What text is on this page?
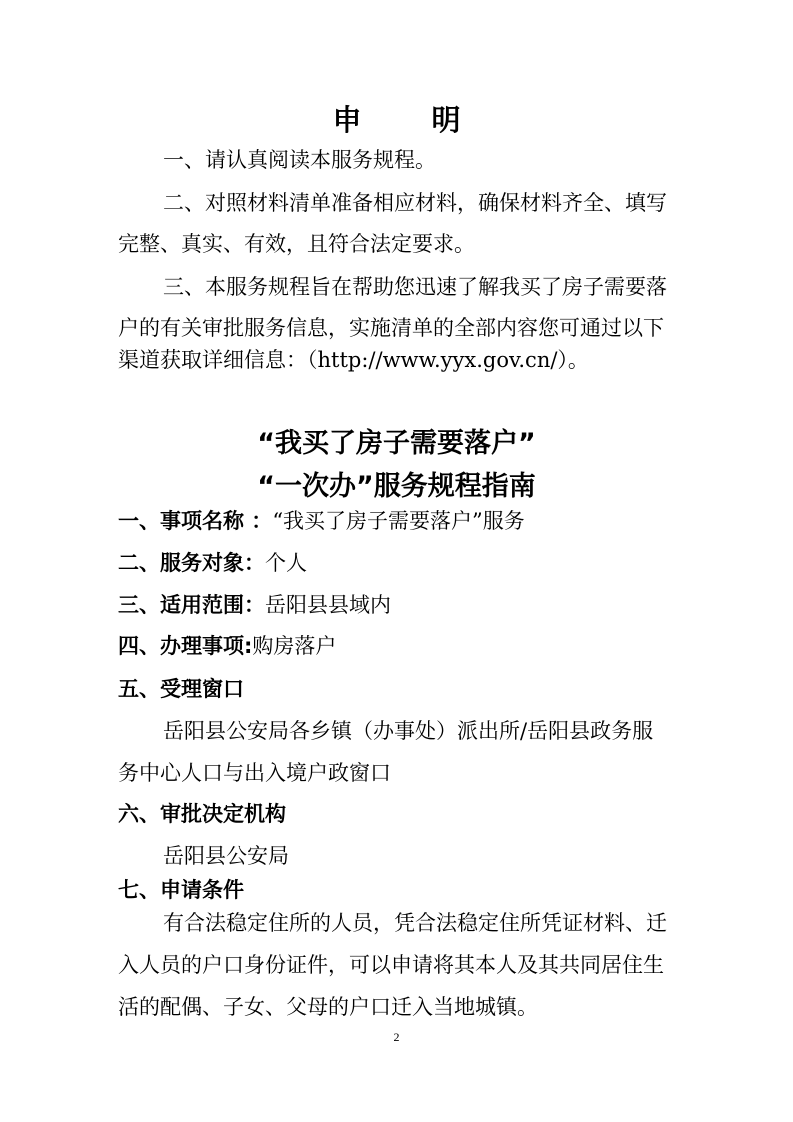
申 明
一、请认真阅读本服务规程。
二、对照材料清单准备相应材料，确保材料齐全、填写
完整、真实、有效，且符合法定要求。
三、本服务规程旨在帮助您迅速了解我买了房子需要落
户的有关审批服务信息，实施清单的全部内容您可通过以下
渠道获取详细信息：（http://www.yyx.gov.cn/）。
“我买了房子需要落户”
“一次办”服务规程指南
一、事项名称 ：“我买了房子需要落户”服务
二、服务对象：个人
三、适用范围：岳阳县县域内
四、办理事项:购房落户
五、受理窗口
岳阳县公安局各乡镇（办事处）派出所/岳阳县政务服
务中心人口与出入境户政窗口
六、审批决定机构
岳阳县公安局
七、申请条件
有合法稳定住所的人员，凭合法稳定住所凭证材料、迁
入人员的户口身份证件，可以申请将其本人及其共同居住生
活的配偶、子女、父母的户口迁入当地城镇。
2
